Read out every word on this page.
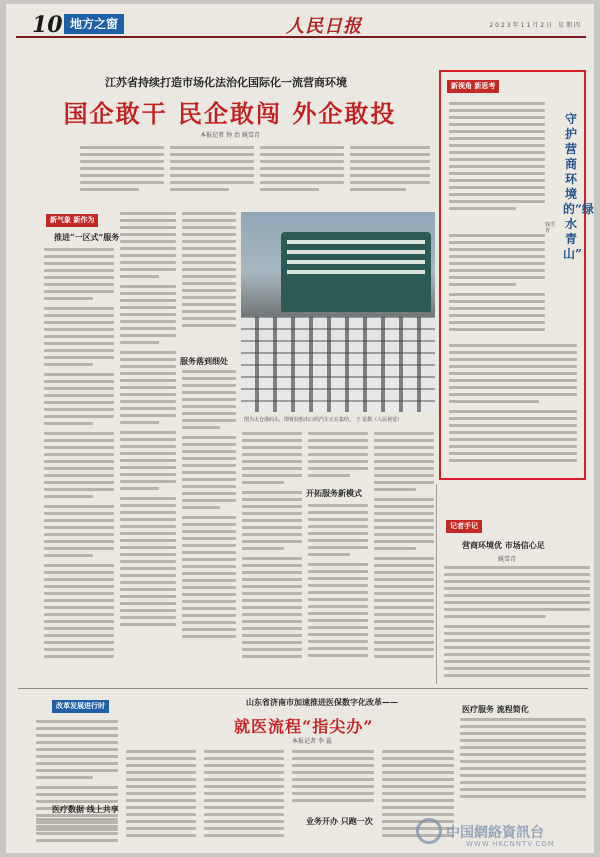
10 地方之窗	人民日报	2023年11月2日 星期四
江苏省持续打造市场化法治化国际化一流营商环境
国企敢干 民企敢闯 外企敢投
本报记者 钟 治 姚雪青
新气象 新作为
推进“一区式”服务
服务落到细处
图为太仓港码头，即将装船出口的汽车正在集结。 王 雷摄（人民视觉）
开拓服务新模式
新视角 新思考
守护营商环境的“绿水青山”
钱雪青
记者手记
营商环境优 市场信心足
姚雪青
改革发展进行时	山东省济南市加速推进医保数字化改革——
就医流程“指尖办”
本报记者 李 蕊
医疗数据 线上共享
业务开办 只跑一次
医疗服务 流程简化
中国網絡資訊台
WWW.HKCNNTV.COM
